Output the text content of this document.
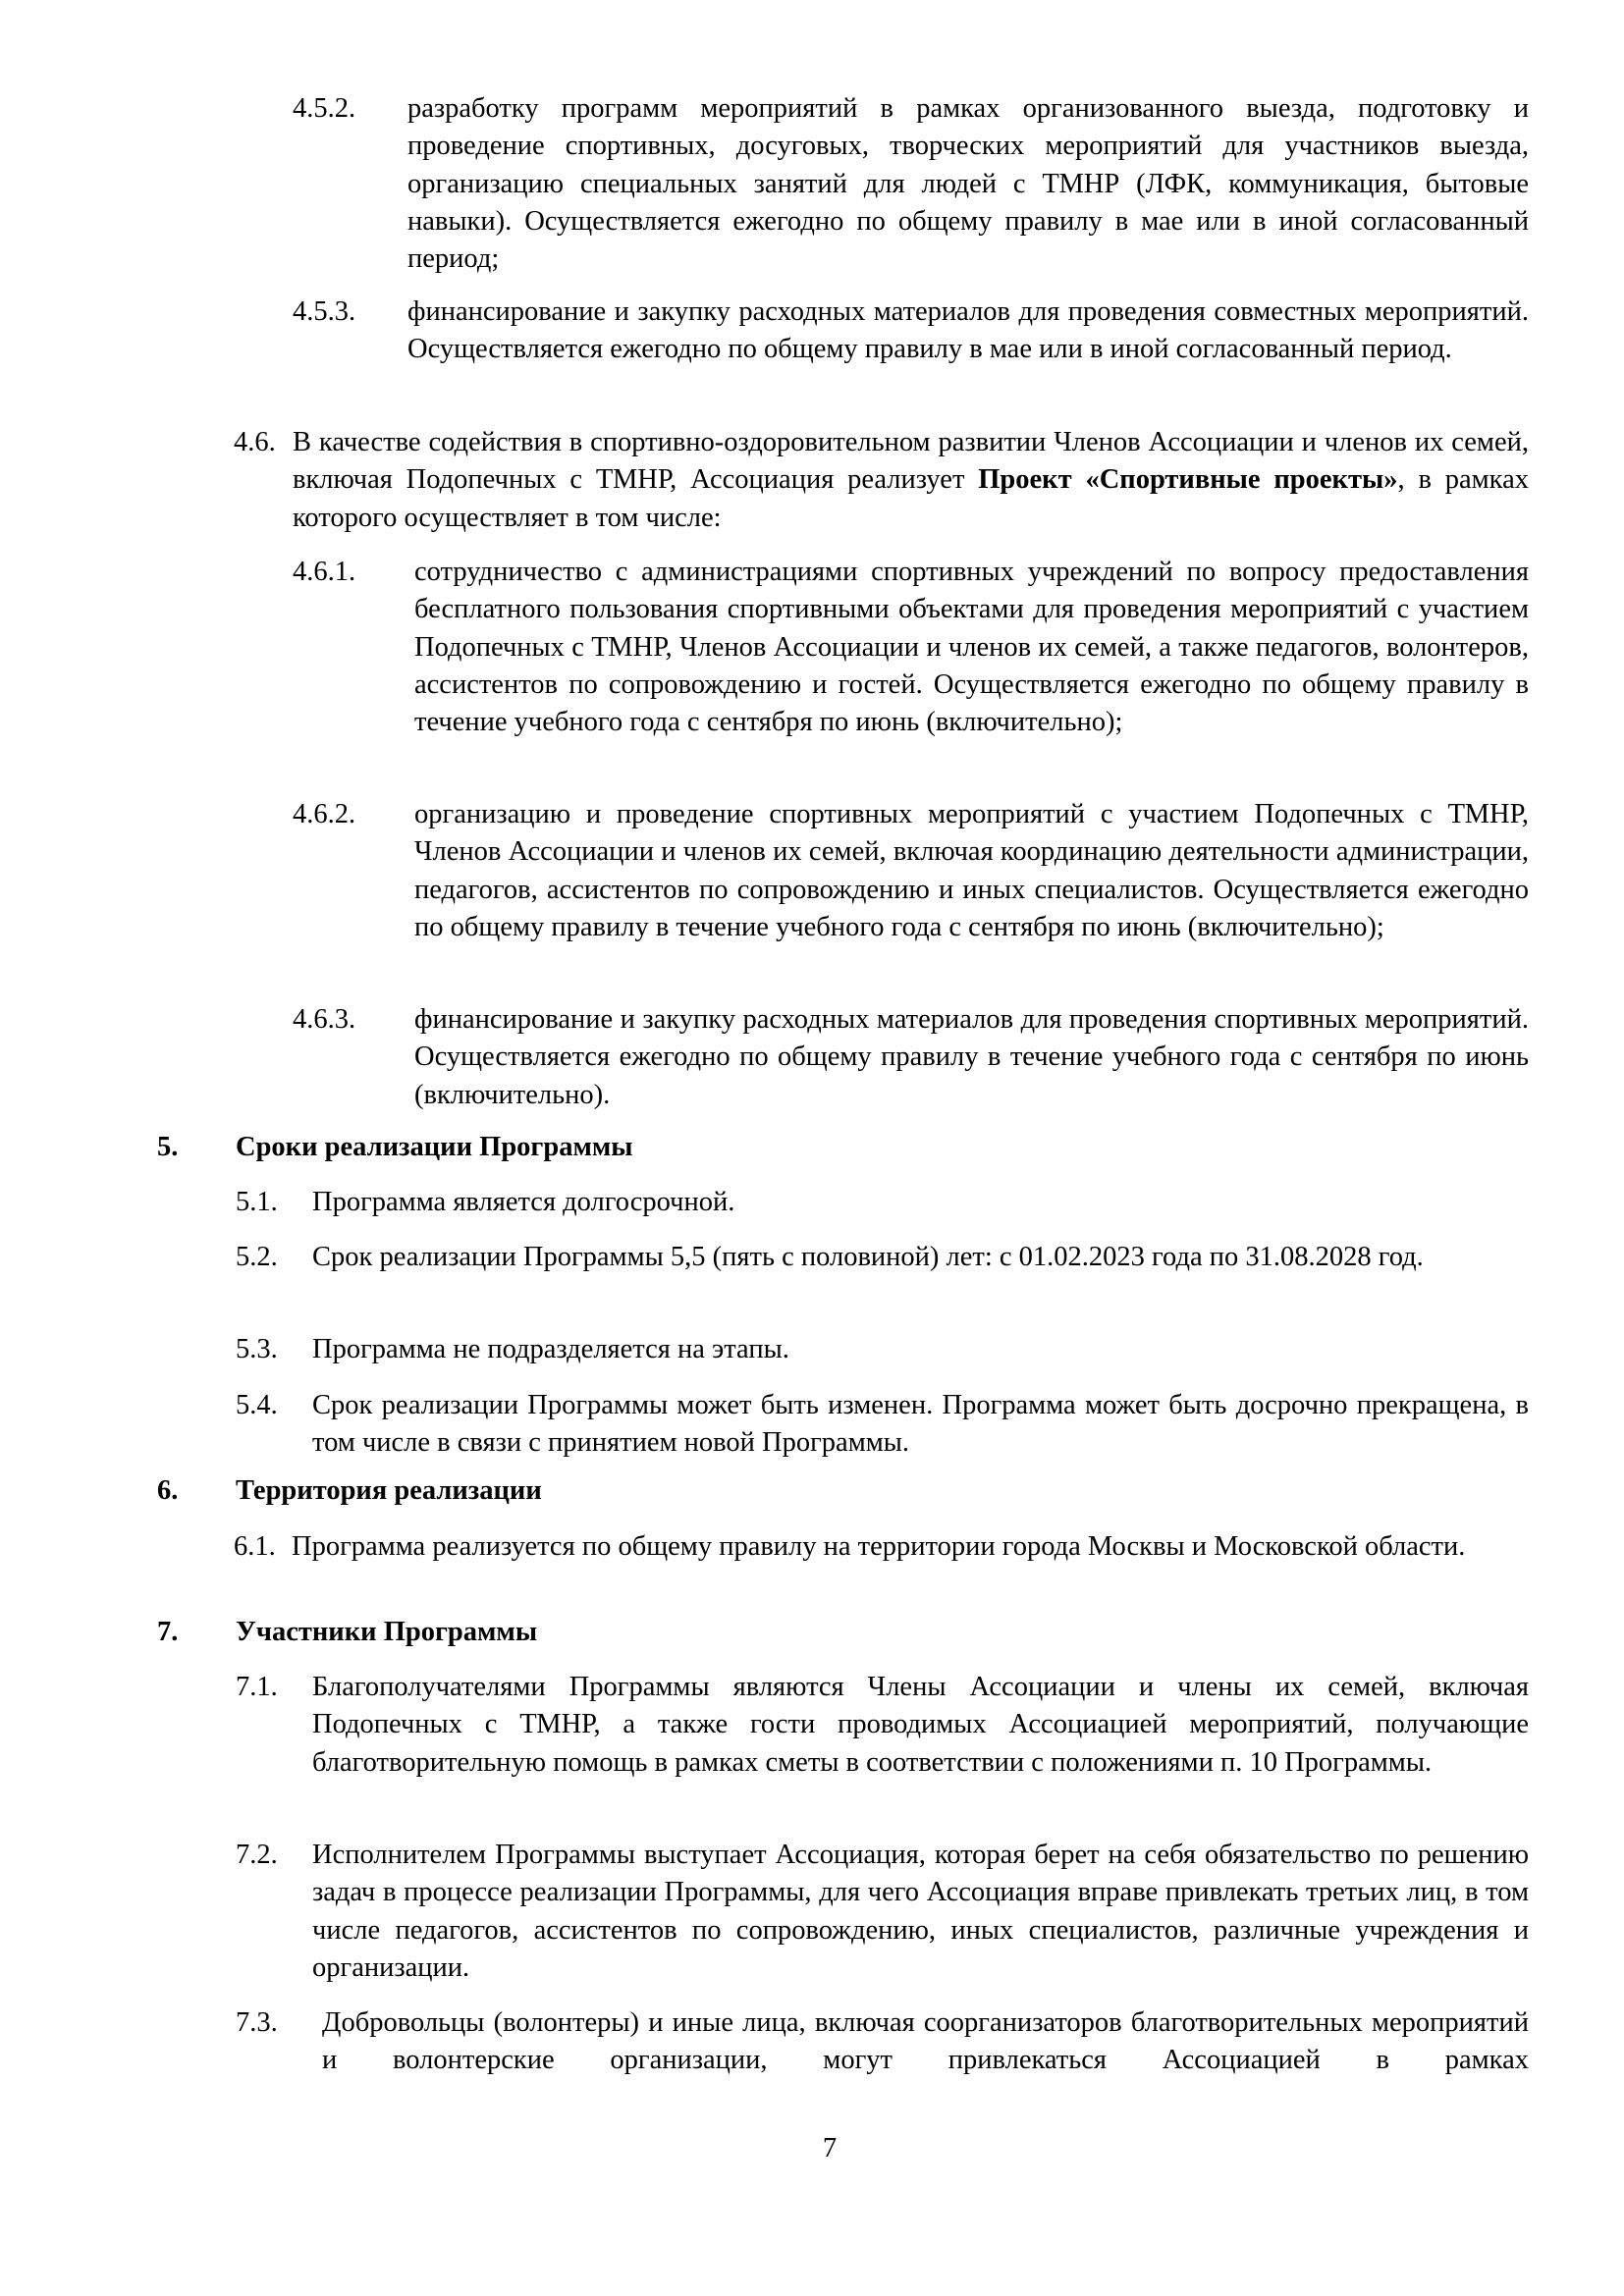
4.5.2. разработку программ мероприятий в рамках организованного выезда, подготовку и проведение спортивных, досуговых, творческих мероприятий для участников выезда, организацию специальных занятий для людей с ТМНР (ЛФК, коммуникация, бытовые навыки). Осуществляется ежегодно по общему правилу в мае или в иной согласованный период;
4.5.3. финансирование и закупку расходных материалов для проведения совместных мероприятий. Осуществляется ежегодно по общему правилу в мае или в иной согласованный период.
4.6. В качестве содействия в спортивно-оздоровительном развитии Членов Ассоциации и членов их семей, включая Подопечных с ТМНР, Ассоциация реализует Проект «Спортивные проекты», в рамках которого осуществляет в том числе:
4.6.1. сотрудничество с администрациями спортивных учреждений по вопросу предоставления бесплатного пользования спортивными объектами для проведения мероприятий с участием Подопечных с ТМНР, Членов Ассоциации и членов их семей, а также педагогов, волонтеров, ассистентов по сопровождению и гостей. Осуществляется ежегодно по общему правилу в течение учебного года с сентября по июнь (включительно);
4.6.2. организацию и проведение спортивных мероприятий с участием Подопечных с ТМНР, Членов Ассоциации и членов их семей, включая координацию деятельности администрации, педагогов, ассистентов по сопровождению и иных специалистов. Осуществляется ежегодно по общему правилу в течение учебного года с сентября по июнь (включительно);
4.6.3. финансирование и закупку расходных материалов для проведения спортивных мероприятий. Осуществляется ежегодно по общему правилу в течение учебного года с сентября по июнь (включительно).
5. Сроки реализации Программы
5.1. Программа является долгосрочной.
5.2. Срок реализации Программы 5,5 (пять с половиной) лет: с 01.02.2023 года по 31.08.2028 год.
5.3. Программа не подразделяется на этапы.
5.4. Срок реализации Программы может быть изменен. Программа может быть досрочно прекращена, в том числе в связи с принятием новой Программы.
6. Территория реализации
6.1. Программа реализуется по общему правилу на территории города Москвы и Московской области.
7. Участники Программы
7.1. Благополучателями Программы являются Члены Ассоциации и члены их семей, включая Подопечных с ТМНР, а также гости проводимых Ассоциацией мероприятий, получающие благотворительную помощь в рамках сметы в соответствии с положениями п. 10 Программы.
7.2. Исполнителем Программы выступает Ассоциация, которая берет на себя обязательство по решению задач в процессе реализации Программы, для чего Ассоциация вправе привлекать третьих лиц, в том числе педагогов, ассистентов по сопровождению, иных специалистов, различные учреждения и организации.
7.3. Добровольцы (волонтеры) и иные лица, включая соорганизаторов благотворительных мероприятий и волонтерские организации, могут привлекаться Ассоциацией в рамках
7
